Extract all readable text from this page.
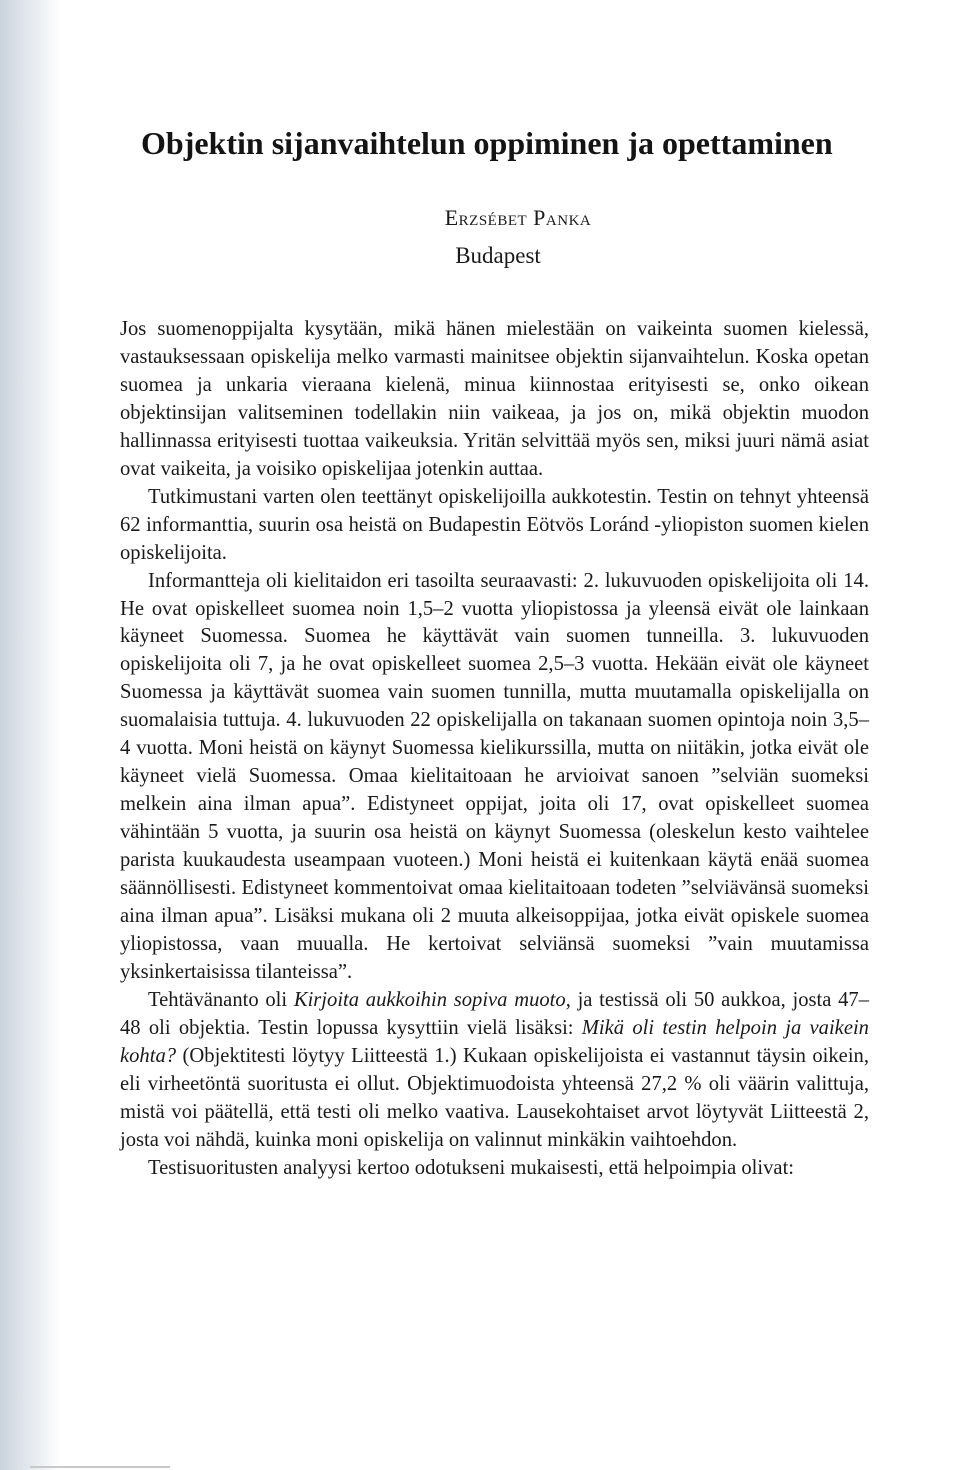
Objektin sijanvaihtelun oppiminen ja opettaminen
Erzsébet Panka
Budapest

Jos suomenoppijalta kysytään, mikä hänen mielestään on vaikeinta suomen kielessä, vastauksessaan opiskelija melko varmasti mainitsee objektin sijanvaihtelun. Koska opetan suomea ja unkaria vieraana kielenä, minua kiinnostaa erityisesti se, onko oikean objektinsijan valitseminen todellakin niin vaikeaa, ja jos on, mikä objektin muodon hallinnassa erityisesti tuottaa vaikeuksia. Yritän selvittää myös sen, miksi juuri nämä asiat ovat vaikeita, ja voisiko opiskelijaa jotenkin auttaa.

Tutkimustani varten olen teettänyt opiskelijoilla aukkotestin. Testin on tehnyt yhteensä 62 informanttia, suurin osa heistä on Budapestin Eötvös Loránd -yliopiston suomen kielen opiskelijoita.

Informantteja oli kielitaidon eri tasoilta seuraavasti: 2. lukuvuoden opiskelijoita oli 14. He ovat opiskelleet suomea noin 1,5–2 vuotta yliopistossa ja yleensä eivät ole lainkaan käyneet Suomessa. Suomea he käyttävät vain suomen tunneilla. 3. lukuvuoden opiskelijoita oli 7, ja he ovat opiskelleet suomea 2,5–3 vuotta. Hekään eivät ole käyneet Suomessa ja käyttävät suomea vain suomen tunnilla, mutta muutamalla opiskelijalla on suomalaisia tuttuja. 4. lukuvuoden 22 opiskelijalla on takanaan suomen opintoja noin 3,5–4 vuotta. Moni heistä on käynyt Suomessa kielikurssilla, mutta on niitäkin, jotka eivät ole käyneet vielä Suomessa. Omaa kielitaitoaan he arvioivat sanoen ”selviän suomeksi melkein aina ilman apua”. Edistyneet oppijat, joita oli 17, ovat opiskelleet suomea vähintään 5 vuotta, ja suurin osa heistä on käynyt Suomessa (oleskelun kesto vaihtelee parista kuukaudesta useampaan vuoteen.) Moni heistä ei kuitenkaan käytä enää suomea säännöllisesti. Edistyneet kommentoivat omaa kielitaitoaan todeten ”selviävänsä suomeksi aina ilman apua”. Lisäksi mukana oli 2 muuta alkeisoppijaa, jotka eivät opiskele suomea yliopistossa, vaan muualla. He kertoivat selviänsä suomeksi ”vain muutamissa yksinkertaisissa tilanteissa”.

Tehtävänanto oli Kirjoita aukkoihin sopiva muoto, ja testissä oli 50 aukkoa, josta 47–48 oli objektia. Testin lopussa kysyttiin vielä lisäksi: Mikä oli testin helpoin ja vaikein kohta? (Objektitesti löytyy Liitteestä 1.) Kukaan opiskelijoista ei vastannut täysin oikein, eli virheetöntä suoritusta ei ollut. Objektimuodoista yhteensä 27,2 % oli väärin valittuja, mistä voi päätellä, että testi oli melko vaativa. Lausekohtaiset arvot löytyvät Liitteestä 2, josta voi nähdä, kuinka moni opiskelija on valinnut minkäkin vaihtoehdon.

Testisuoritusten analyysi kertoo odotukseni mukaisesti, että helpoimpia olivat:
